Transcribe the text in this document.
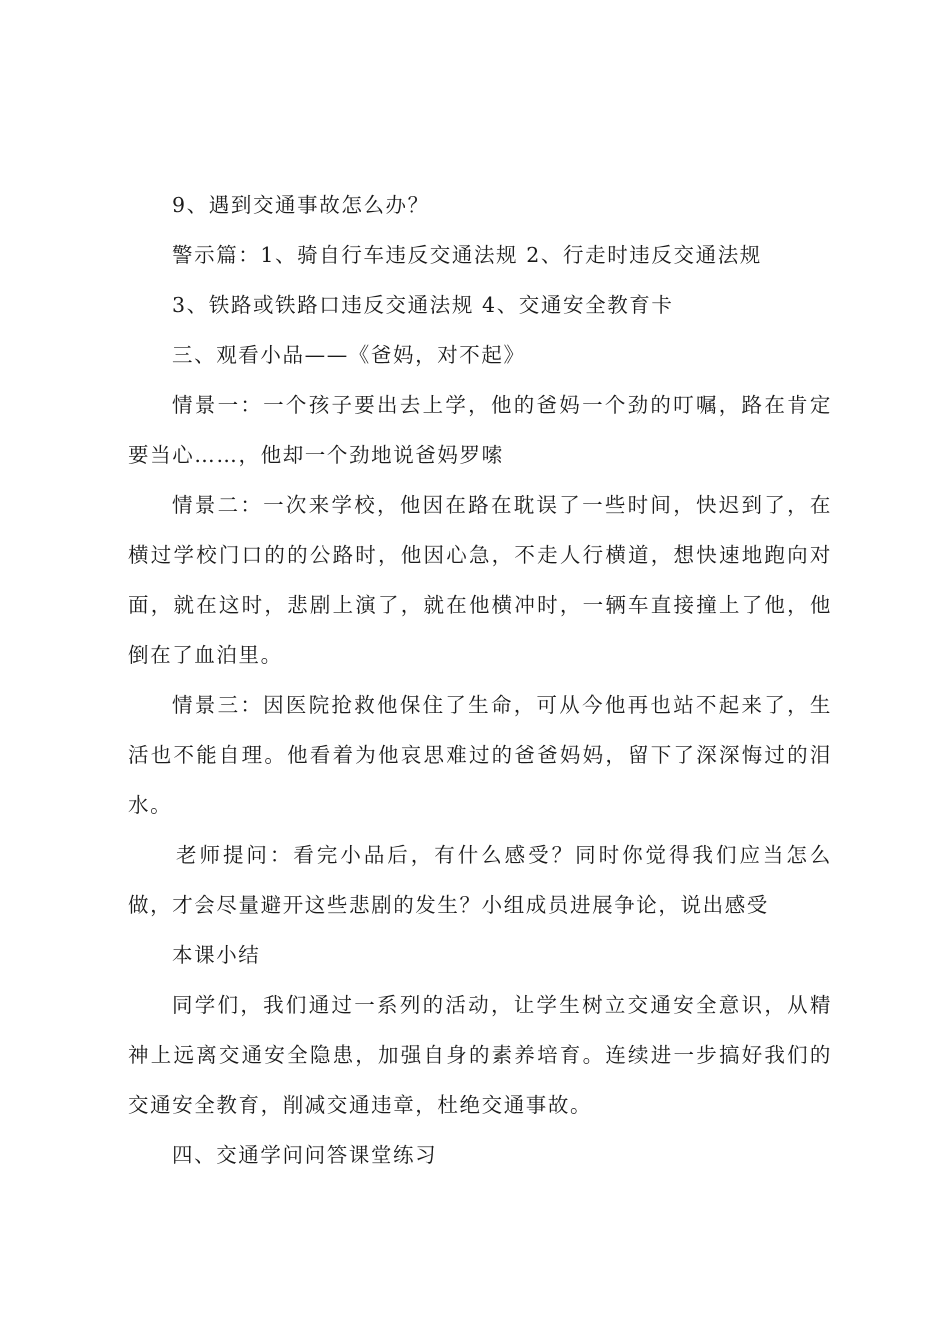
9、遇到交通事故怎么办？

警示篇：1、骑自行车违反交通法规 2、行走时违反交通法规

3、铁路或铁路口违反交通法规 4、交通安全教育卡

三、观看小品——《爸妈，对不起》

情景一：一个孩子要出去上学，他的爸妈一个劲的叮嘱，路在肯定要当心……，他却一个劲地说爸妈罗嗦

情景二：一次来学校，他因在路在耽误了一些时间，快迟到了，在横过学校门口的的公路时，他因心急，不走人行横道，想快速地跑向对面，就在这时，悲剧上演了，就在他横冲时，一辆车直接撞上了他，他倒在了血泊里。

情景三：因医院抢救他保住了生命，可从今他再也站不起来了，生活也不能自理。他看着为他哀思难过的爸爸妈妈，留下了深深悔过的泪水。

老师提问：看完小品后，有什么感受？同时你觉得我们应当怎么做，才会尽量避开这些悲剧的发生？小组成员进展争论，说出感受

本课小结

同学们，我们通过一系列的活动，让学生树立交通安全意识，从精神上远离交通安全隐患，加强自身的素养培育。连续进一步搞好我们的交通安全教育，削减交通违章，杜绝交通事故。

四、交通学问问答课堂练习
